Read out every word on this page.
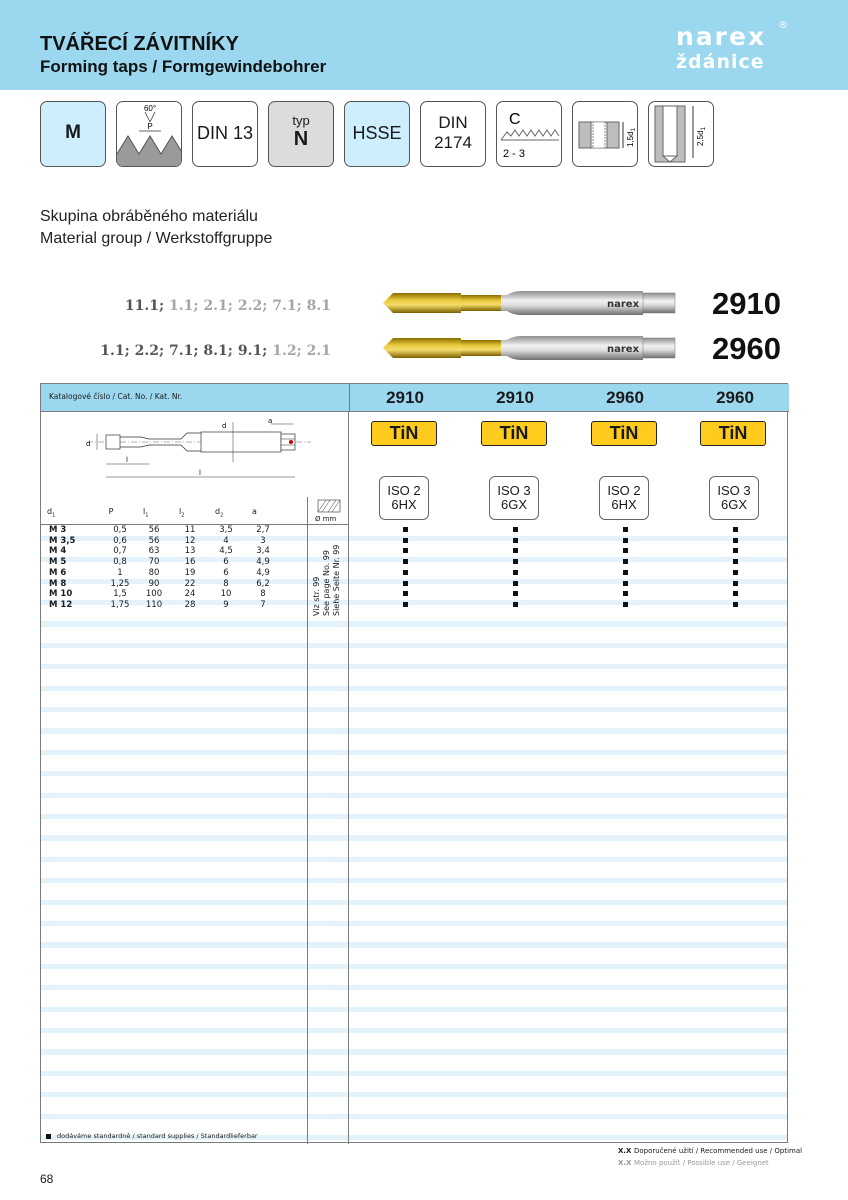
TVÁŘECÍ ZÁVITNÍKY
Forming taps / Formgewindebohrer
narex
ždánice
®
M
60°
P DIN 13
typ
N	HSSE
DIN
2174
C
2 - 3
$1,5d_1$
$2,5d_1$
Skupina obráběného materiálu
Material group / Werkstoffgruppe
11.1; 1.1; 2.1; 2.2; 7.1; 8.1	narex 2910
1.1; 2.2; 7.1; 8.1; 9.1; 1.2; 2.1	narex 2960
Katalogové číslo / Cat. No. / Kat. Nr.	2910	2910	2960	2960
d
d
a
l
l
TiN	TiN	TiN	TiN
ISO 2
6HX
ISO 3
6GX
ISO 2
6HX
ISO 3
6GX
$d_1$	P	$l_1$	$l_2$	$d_2$	a
Ø mm
M 3	0,5	56	11	3,5	2,7
M 3,5	0,6	56	12	4	3
M 4	0,7	63	13	4,5	3,4
M 5	0,8	70	16	6	4,9
M 6	1	80	19	6	4,9
M 8	1,25	90	22	8	6,2
M 10	1,5	100	24	10	8
M 12	1,75	110	28	9	7	Viz str. 99 See page No. 99 Siehe Seite Nr. 99
dodáváme standardně / standard supplies / Standardlieferbar
X.X Doporučené užití / Recommended use / Optimal
X.X Možno použít / Possible use / Geeignet
68
